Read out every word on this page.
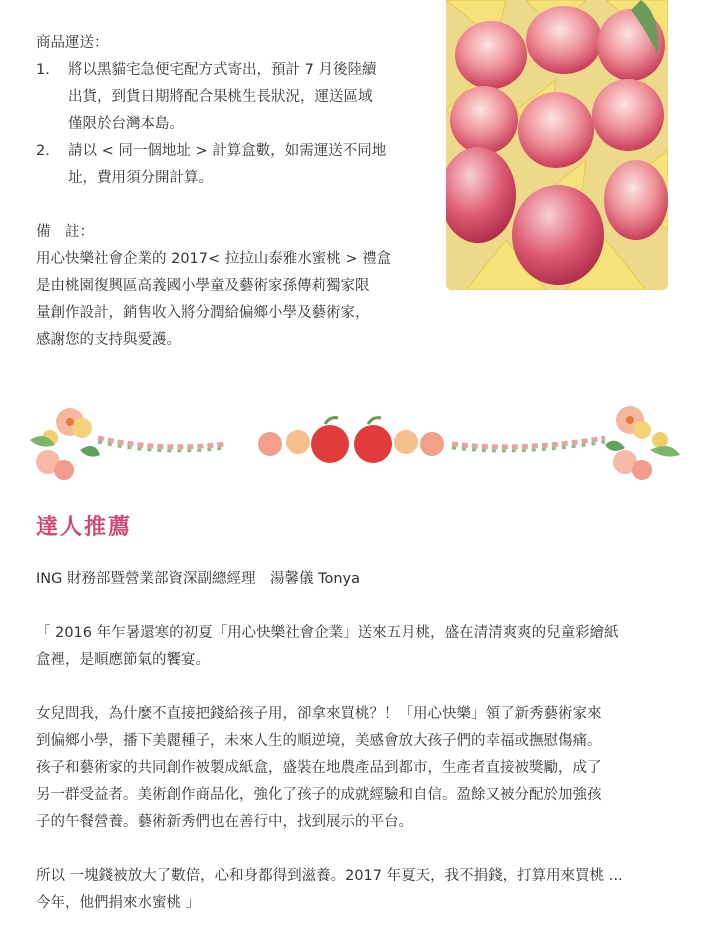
商品運送：

1. 將以黑貓宅急便宅配方式寄出，預計 7 月後陸續
出貨，到貨日期將配合果桃生長狀況，運送區域
僅限於台灣本島。
2. 請以 < 同一個地址 > 計算盒數，如需運送不同地
址，費用須分開計算。

備　註：

用心快樂社會企業的 2017< 拉拉山泰雅水蜜桃 > 禮盒
是由桃園復興區高義國小學童及藝術家孫傳莉獨家限
量創作設計，銷售收入將分潤給偏鄉小學及藝術家，
感謝您的支持與愛護。
達人推薦

ING 財務部暨營業部資深副總經理　湯馨儀 Tonya

「 2016 年乍暑還寒的初夏「用心快樂社會企業」送來五月桃，盛在清清爽爽的兒童彩繪紙

盒裡，是順應節氣的饗宴。

女兒問我，為什麼不直接把錢給孩子用，卻拿來買桃？！「用心快樂」領了新秀藝術家來

到偏鄉小學，播下美麗種子，未來人生的順逆境，美感會放大孩子們的幸福或撫慰傷痛。

孩子和藝術家的共同創作被製成紙盒，盛裝在地農產品到都市，生產者直接被獎勵，成了

另一群受益者。美術創作商品化，強化了孩子的成就經驗和自信。盈餘又被分配於加強孩

子的午餐營養。藝術新秀們也在善行中，找到展示的平台。

所以 一塊錢被放大了數倍，心和身都得到滋養。2017 年夏天，我不捐錢，打算用來買桃 ...

今年，他們捐來水蜜桃 」
